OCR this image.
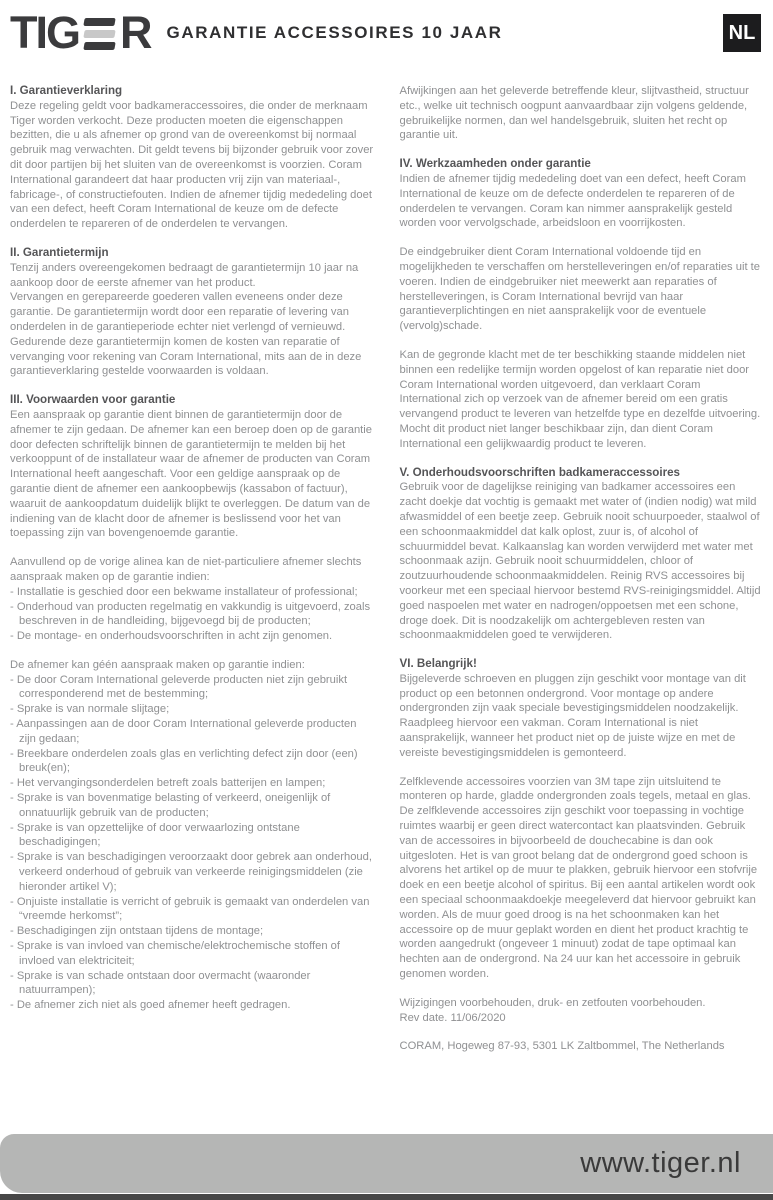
TIG R GARANTIE ACCESSOIRES 10 JAAR	NL
I. Garantieverklaring

Deze regeling geldt voor badkameraccessoires, die onder de merknaam Tiger worden verkocht. Deze producten moeten die eigenschappen bezitten, die u als afnemer op grond van de overeenkomst bij normaal gebruik mag verwachten. Dit geldt tevens bij bijzonder gebruik voor zover dit door partijen bij het sluiten van de overeenkomst is voorzien. Coram International garandeert dat haar producten vrij zijn van materiaal-, fabricage-, of constructiefouten. Indien de afnemer tijdig mededeling doet van een defect, heeft Coram International de keuze om de defecte onderdelen te repareren of de onderdelen te vervangen.

II. Garantietermijn

Tenzij anders overeengekomen bedraagt de garantietermijn 10 jaar na aankoop door de eerste afnemer van het product.

Vervangen en gerepareerde goederen vallen eveneens onder deze garantie. De garantietermijn wordt door een reparatie of levering van onderdelen in de garantieperiode echter niet verlengd of vernieuwd.

Gedurende deze garantietermijn komen de kosten van reparatie of vervanging voor rekening van Coram International, mits aan de in deze garantieverklaring gestelde voorwaarden is voldaan.

III. Voorwaarden voor garantie

Een aanspraak op garantie dient binnen de garantietermijn door de afnemer te zijn gedaan. De afnemer kan een beroep doen op de garantie door defecten schriftelijk binnen de garantietermijn te melden bij het verkooppunt of de installateur waar de afnemer de producten van Coram International heeft aangeschaft. Voor een geldige aanspraak op de garantie dient de afnemer een aankoopbewijs (kassabon of factuur), waaruit de aankoopdatum duidelijk blijkt te overleggen. De datum van de indiening van de klacht door de afnemer is beslissend voor het van toepassing zijn van bovengenoemde garantie.

Aanvullend op de vorige alinea kan de niet-particuliere afnemer slechts aanspraak maken op de garantie indien:

- Installatie is geschied door een bekwame installateur of professional;
- Onderhoud van producten regelmatig en vakkundig is uitgevoerd, zoals beschreven in de handleiding, bijgevoegd bij de producten;
- De montage- en onderhoudsvoorschriften in acht zijn genomen.

De afnemer kan géén aanspraak maken op garantie indien:

- De door Coram International geleverde producten niet zijn gebruikt corresponderend met de bestemming;
- Sprake is van normale slijtage;
- Aanpassingen aan de door Coram International geleverde producten zijn gedaan;
- Breekbare onderdelen zoals glas en verlichting defect zijn door (een) breuk(en);
- Het vervangingsonderdelen betreft zoals batterijen en lampen;
- Sprake is van bovenmatige belasting of verkeerd, oneigenlijk of onnatuurlijk gebruik van de producten;
- Sprake is van opzettelijke of door verwaarlozing ontstane beschadigingen;
- Sprake is van beschadigingen veroorzaakt door gebrek aan onderhoud, verkeerd onderhoud of gebruik van verkeerde reinigingsmiddelen (zie hieronder artikel V);
- Onjuiste installatie is verricht of gebruik is gemaakt van onderdelen van “vreemde herkomst”;
- Beschadigingen zijn ontstaan tijdens de montage;
- Sprake is van invloed van chemische/elektrochemische stoffen of invloed van elektriciteit;
- Sprake is van schade ontstaan door overmacht (waaronder natuurrampen);
- De afnemer zich niet als goed afnemer heeft gedragen.

Afwijkingen aan het geleverde betreffende kleur, slijtvastheid, structuur etc., welke uit technisch oogpunt aanvaardbaar zijn volgens geldende, gebruikelijke normen, dan wel handelsgebruik, sluiten het recht op garantie uit.

IV. Werkzaamheden onder garantie

Indien de afnemer tijdig mededeling doet van een defect, heeft Coram International de keuze om de defecte onderdelen te repareren of de onderdelen te vervangen. Coram kan nimmer aansprakelijk gesteld worden voor vervolgschade, arbeidsloon en voorrijkosten.

De eindgebruiker dient Coram International voldoende tijd en mogelijkheden te verschaffen om herstelleveringen en/of reparaties uit te voeren. Indien de eindgebruiker niet meewerkt aan reparaties of herstelleveringen, is Coram International bevrijd van haar garantieverplichtingen en niet aansprakelijk voor de eventuele (vervolg)schade.

Kan de gegronde klacht met de ter beschikking staande middelen niet binnen een redelijke termijn worden opgelost of kan reparatie niet door Coram International worden uitgevoerd, dan verklaart Coram International zich op verzoek van de afnemer bereid om een gratis vervangend product te leveren van hetzelfde type en dezelfde uitvoering. Mocht dit product niet langer beschikbaar zijn, dan dient Coram International een gelijkwaardig product te leveren.

V. Onderhoudsvoorschriften badkameraccessoires

Gebruik voor de dagelijkse reiniging van badkamer accessoires een zacht doekje dat vochtig is gemaakt met water of (indien nodig) wat mild afwasmiddel of een beetje zeep. Gebruik nooit schuurpoeder, staalwol of een schoonmaakmiddel dat kalk oplost, zuur is, of alcohol of schuurmiddel bevat. Kalkaanslag kan worden verwijderd met water met schoonmaak azijn. Gebruik nooit schuurmiddelen, chloor of zoutzuurhoudende schoonmaakmiddelen. Reinig RVS accessoires bij voorkeur met een speciaal hiervoor bestemd RVS-reinigingsmiddel. Altijd goed naspoelen met water en nadrogen/oppoetsen met een schone, droge doek. Dit is noodzakelijk om achtergebleven resten van schoonmaakmiddelen goed te verwijderen.

VI. Belangrijk!

Bijgeleverde schroeven en pluggen zijn geschikt voor montage van dit product op een betonnen ondergrond. Voor montage op andere ondergronden zijn vaak speciale bevestigingsmiddelen noodzakelijk. Raadpleeg hiervoor een vakman. Coram International is niet aansprakelijk, wanneer het product niet op de juiste wijze en met de vereiste bevestigingsmiddelen is gemonteerd.

Zelfklevende accessoires voorzien van 3M tape zijn uitsluitend te monteren op harde, gladde ondergronden zoals tegels, metaal en glas. De zelfklevende accessoires zijn geschikt voor toepassing in vochtige ruimtes waarbij er geen direct watercontact kan plaatsvinden. Gebruik van de accessoires in bijvoorbeeld de douchecabine is dan ook uitgesloten. Het is van groot belang dat de ondergrond goed schoon is alvorens het artikel op de muur te plakken, gebruik hiervoor een stofvrije doek en een beetje alcohol of spiritus. Bij een aantal artikelen wordt ook een speciaal schoonmaakdoekje meegeleverd dat hiervoor gebruikt kan worden. Als de muur goed droog is na het schoonmaken kan het accessoire op de muur geplakt worden en dient het product krachtig te worden aangedrukt (ongeveer 1 minuut) zodat de tape optimaal kan hechten aan de ondergrond. Na 24 uur kan het accessoire in gebruik genomen worden.

Wijzigingen voorbehouden, druk- en zetfouten voorbehouden.

Rev date. 11/06/2020

CORAM, Hogeweg 87-93, 5301 LK Zaltbommel, The Netherlands

www.tiger.nl
